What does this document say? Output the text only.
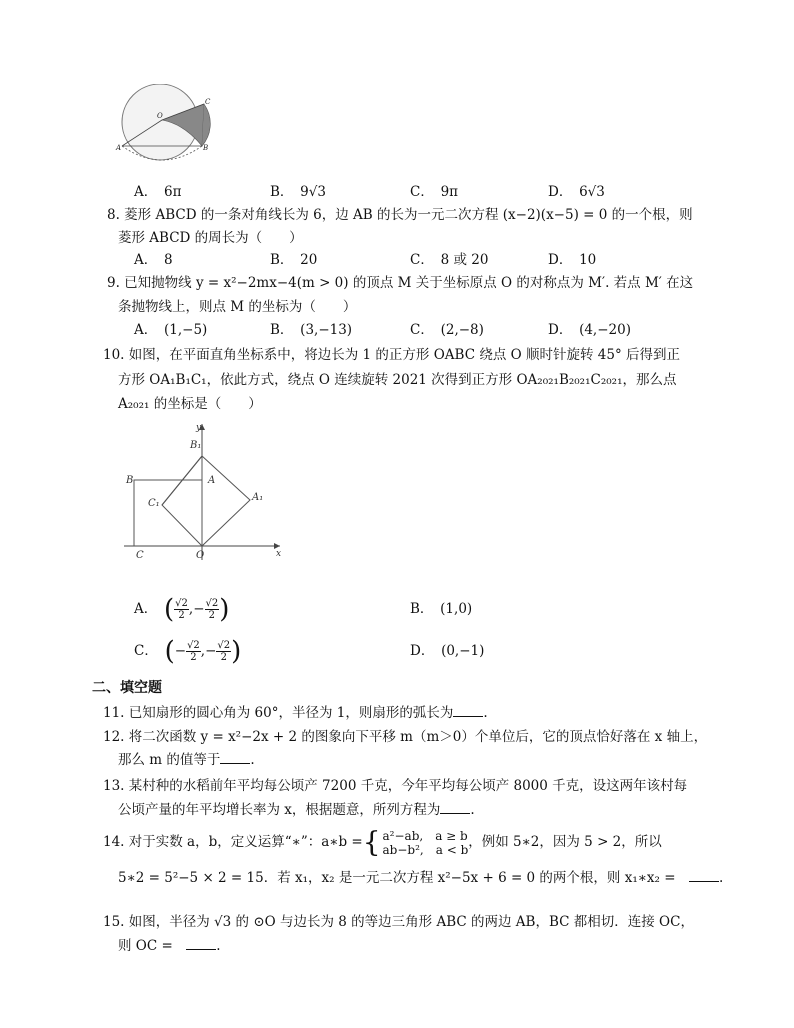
O
C
A	B
A．　 6π	B．　 9√3	C．　 9π	D．　 6√3
8. 菱形 ABCD 的一条对角线长为 6，边 AB 的长为一元二次方程 (x−2)(x−5) = 0 的一个根，则
菱形 ABCD 的周长为（　　）
A．　 8	B．　 20	C．　 8 或 20	D．　 10
9. 已知抛物线 y = x²−2mx−4(m > 0) 的顶点 M 关于坐标原点 O 的对称点为 M′. 若点 M′ 在这
条抛物线上，则点 M 的坐标为（　　）
A．　 (1,−5)	B．　 (3,−13)	C．　 (2,−8)	D．　 (4,−20)
10. 如图，在平面直角坐标系中，将边长为 1 的正方形 OABC 绕点 O 顺时针旋转 45° 后得到正
方形 OA₁B₁C₁，依此方式，绕点 O 连续旋转 2021 次得到正方形 OA₂₀₂₁B₂₀₂₁C₂₀₂₁，那么点
A₂₀₂₁ 的坐标是（　　）
y
x
B₁
A
A₁
B
C₁
C	O
A．　 ( $\frac{√2}{2}$ ,− $\frac{√2}{2}$ )	B．　(1,0)
C．　 (− $\frac{√2}{2}$ ,− $\frac{√2}{2}$ )	D．　(0,−1)
二、填空题
11. 已知扇形的圆心角为 60°，半径为 1，则扇形的弧长为 .
12. 将二次函数 y = x²−2x + 2 的图象向下平移 m（m＞0）个单位后，它的顶点恰好落在 x 轴上，
那么 m 的值等于 .
13. 某村种的水稻前年平均每公顷产 7200 千克，今年平均每公顷产 8000 千克，设这两年该村每
公顷产量的年平均增长率为 x，根据题意，所列方程为 .
14. 对于实数 a，b，定义运算“∗”：a∗b ={ a²−ab,　a ≥ b
ab−b²,　a < b ，例如 5∗2，因为 5 > 2，所以
5∗2 = 5²−5 × 2 = 15．若 x₁，x₂ 是一元二次方程 x²−5x + 6 = 0 的两个根，则 x₁∗x₂ =　	.
15. 如图，半径为 √3 的 ⊙O 与边长为 8 的等边三角形 ABC 的两边 AB，BC 都相切．连接 OC，
则 OC =　	.
